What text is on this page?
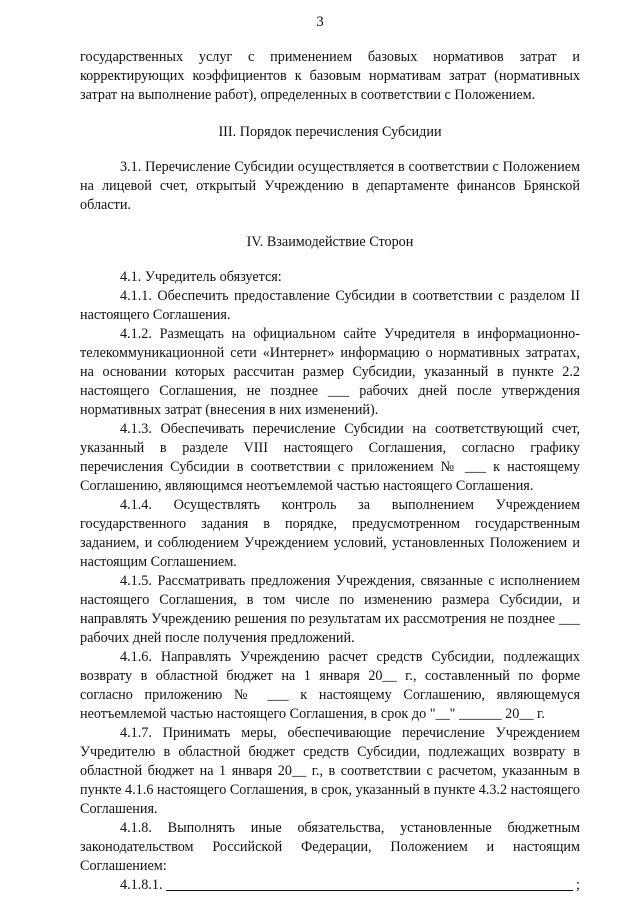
3

государственных услуг с применением базовых нормативов затрат и корректирующих коэффициентов к базовым нормативам затрат (нормативных затрат на выполнение работ), определенных в соответствии с Положением.

III. Порядок перечисления Субсидии

3.1. Перечисление Субсидии осуществляется в соответствии с Положением на лицевой счет, открытый Учреждению в департаменте финансов Брянской области.

IV. Взаимодействие Сторон

4.1. Учредитель обязуется:

4.1.1. Обеспечить предоставление Субсидии в соответствии с разделом II настоящего Соглашения.

4.1.2. Размещать на официальном сайте Учредителя в информационно-телекоммуникационной сети «Интернет» информацию о нормативных затратах, на основании которых рассчитан размер Субсидии, указанный в пункте 2.2 настоящего Соглашения, не позднее ___ рабочих дней после утверждения нормативных затрат (внесения в них изменений).

4.1.3. Обеспечивать перечисление Субсидии на соответствующий счет, указанный в разделе VIII настоящего Соглашения, согласно графику перечисления Субсидии в соответствии с приложением № ___ к настоящему Соглашению, являющимся неотъемлемой частью настоящего Соглашения.

4.1.4. Осуществлять контроль за выполнением Учреждением государственного задания в порядке, предусмотренном государственным заданием, и соблюдением Учреждением условий, установленных Положением и настоящим Соглашением.

4.1.5. Рассматривать предложения Учреждения, связанные с исполнением настоящего Соглашения, в том числе по изменению размера Субсидии, и направлять Учреждению решения по результатам их рассмотрения не позднее ___ рабочих дней после получения предложений.

4.1.6. Направлять Учреждению расчет средств Субсидии, подлежащих возврату в областной бюджет на 1 января 20__ г., составленный по форме согласно приложению № ___ к настоящему Соглашению, являющемуся неотъемлемой частью настоящего Соглашения, в срок до "__" ______ 20__ г.

4.1.7. Принимать меры, обеспечивающие перечисление Учреждением Учредителю в областной бюджет средств Субсидии, подлежащих возврату в областной бюджет на 1 января 20__ г., в соответствии с расчетом, указанным в пункте 4.1.6 настоящего Соглашения, в срок, указанный в пункте 4.3.2 настоящего Соглашения.

4.1.8. Выполнять иные обязательства, установленные бюджетным законодательством Российской Федерации, Положением и настоящим Соглашением:

4.1.8.1.	;
